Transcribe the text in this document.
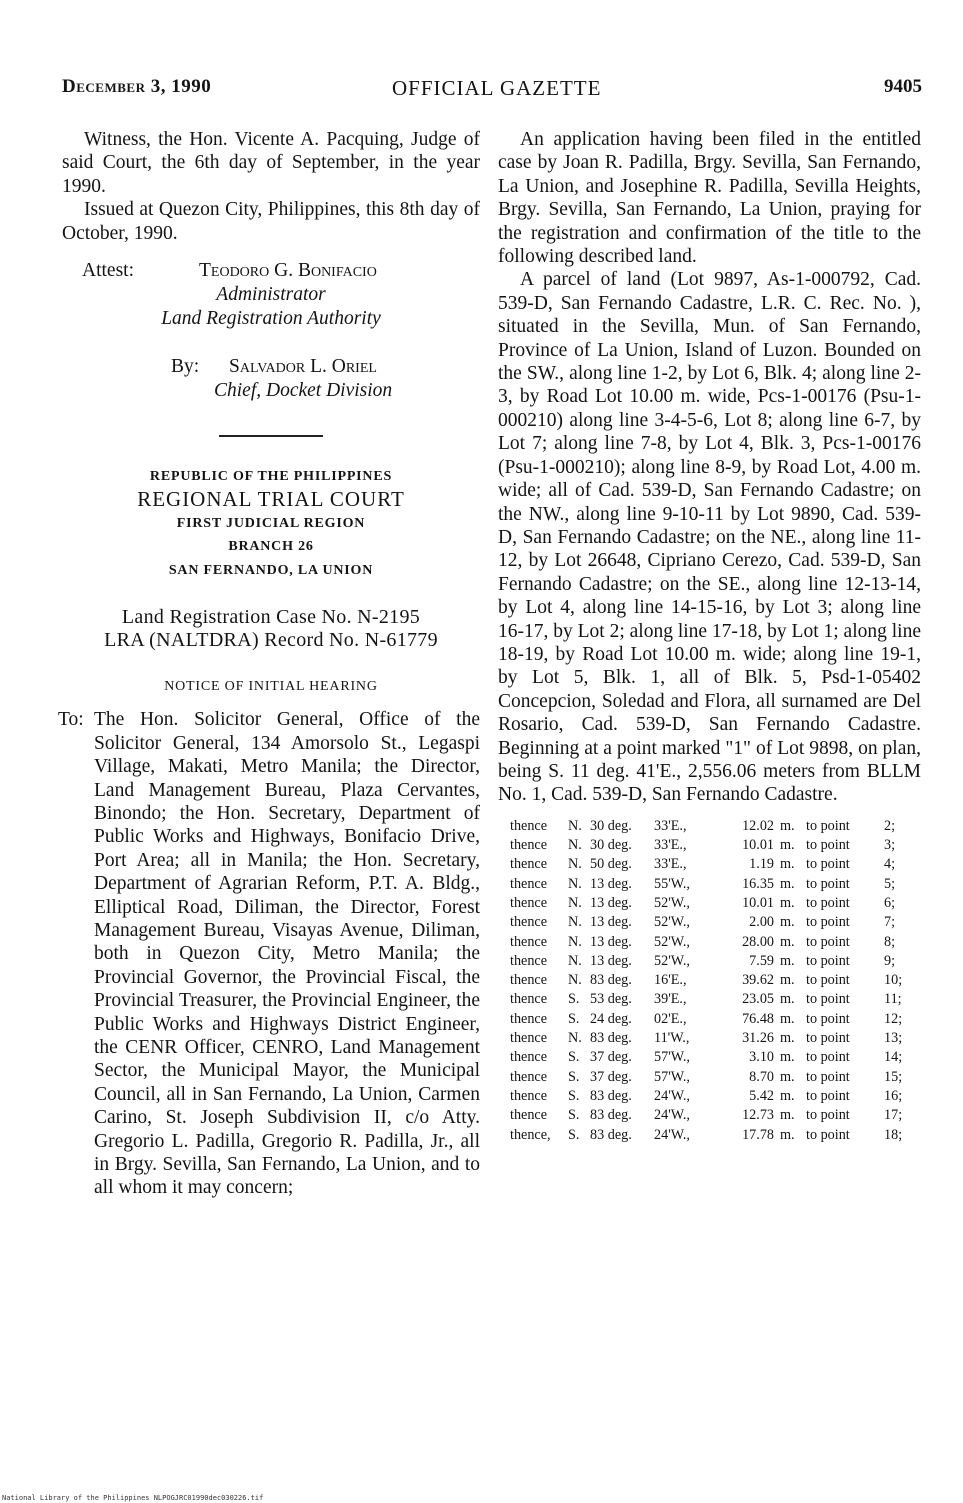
December 3, 1990	OFFICIAL GAZETTE	9405

Witness, the Hon. Vicente A. Pacquing, Judge of said Court, the 6th day of September, in the year 1990.

Issued at Quezon City, Philippines, this 8th day of October, 1990.

Attest:	Teodoro G. Bonifacio
Administrator
Land Registration Authority
By: Salvador L. Oriel
Chief, Docket Division

REPUBLIC OF THE PHILIPPINES

REGIONAL TRIAL COURT

FIRST JUDICIAL REGION

BRANCH 26

SAN FERNANDO, LA UNION

Land Registration Case No. N-2195

LRA (NALTDRA) Record No. N-61779

NOTICE OF INITIAL HEARING

To: The Hon. Solicitor General, Office of the Solicitor General, 134 Amorsolo St., Legaspi Village, Makati, Metro Manila; the Director, Land Management Bureau, Plaza Cervantes, Binondo; the Hon. Secretary, Department of Public Works and Highways, Bonifacio Drive, Port Area; all in Manila; the Hon. Secretary, Department of Agrarian Reform, P.T. A. Bldg., Elliptical Road, Diliman, the Director, Forest Management Bureau, Visayas Avenue, Diliman, both in Quezon City, Metro Manila; the Provincial Governor, the Provincial Fiscal, the Provincial Treasurer, the Provincial Engineer, the Public Works and Highways District Engineer, the CENR Officer, CENRO, Land Management Sector, the Municipal Mayor, the Municipal Council, all in San Fernando, La Union, Carmen Carino, St. Joseph Subdivision II, c/o Atty. Gregorio L. Padilla, Gregorio R. Padilla, Jr., all in Brgy. Sevilla, San Fernando, La Union, and to all whom it may concern;

An application having been filed in the entitled case by Joan R. Padilla, Brgy. Sevilla, San Fernando, La Union, and Josephine R. Padilla, Sevilla Heights, Brgy. Sevilla, San Fernando, La Union, praying for the registration and confirmation of the title to the following described land.

A parcel of land (Lot 9897, As-1-000792, Cad. 539-D, San Fernando Cadastre, L.R. C. Rec. No. ), situated in the Sevilla, Mun. of San Fernando, Province of La Union, Island of Luzon. Bounded on the SW., along line 1-2, by Lot 6, Blk. 4; along line 2-3, by Road Lot 10.00 m. wide, Pcs-1-00176 (Psu-1-000210) along line 3-4-5-6, Lot 8; along line 6-7, by Lot 7; along line 7-8, by Lot 4, Blk. 3, Pcs-1-00176 (Psu-1-000210); along line 8-9, by Road Lot, 4.00 m. wide; all of Cad. 539-D, San Fernando Cadastre; on the NW., along line 9-10-11 by Lot 9890, Cad. 539-D, San Fernando Cadastre; on the NE., along line 11-12, by Lot 26648, Cipriano Cerezo, Cad. 539-D, San Fernando Cadastre; on the SE., along line 12-13-14, by Lot 4, along line 14-15-16, by Lot 3; along line 16-17, by Lot 2; along line 17-18, by Lot 1; along line 18-19, by Road Lot 10.00 m. wide; along line 19-1, by Lot 5, Blk. 1, all of Blk. 5, Psd-1-05402 Concepcion, Soledad and Flora, all surnamed are Del Rosario, Cad. 539-D, San Fernando Cadastre. Beginning at a point marked "1" of Lot 9898, on plan, being S. 11 deg. 41'E., 2,556.06 meters from BLLM No. 1, Cad. 539-D, San Fernando Cadastre.

thence	N. 30 deg.	33'E.,	12.02 m. to point	2;
thence	N. 30 deg.	33'E.,	10.01 m. to point	3;
thence	N. 50 deg.	33'E.,	1.19 m. to point	4;
thence	N. 13 deg.	55'W.,	16.35 m. to point	5;
thence	N. 13 deg.	52'W.,	10.01 m. to point	6;
thence	N. 13 deg.	52'W.,	2.00 m. to point	7;
thence	N. 13 deg.	52'W.,	28.00 m. to point	8;
thence	N. 13 deg.	52'W.,	7.59 m. to point	9;
thence	N. 83 deg.	16'E.,	39.62 m. to point	10;
thence	S. 53 deg.	39'E.,	23.05 m. to point	11;
thence	S. 24 deg.	02'E.,	76.48 m. to point	12;
thence	N. 83 deg.	11'W.,	31.26 m. to point	13;
thence	S. 37 deg.	57'W.,	3.10 m. to point	14;
thence	S. 37 deg.	57'W.,	8.70 m. to point	15;
thence	S. 83 deg.	24'W.,	5.42 m. to point	16;
thence	S. 83 deg.	24'W.,	12.73 m. to point	17;
thence,	S. 83 deg.	24'W.,	17.78 m. to point	18;
National Library of the Philippines NLPOGJRC01990dec030226.tif
